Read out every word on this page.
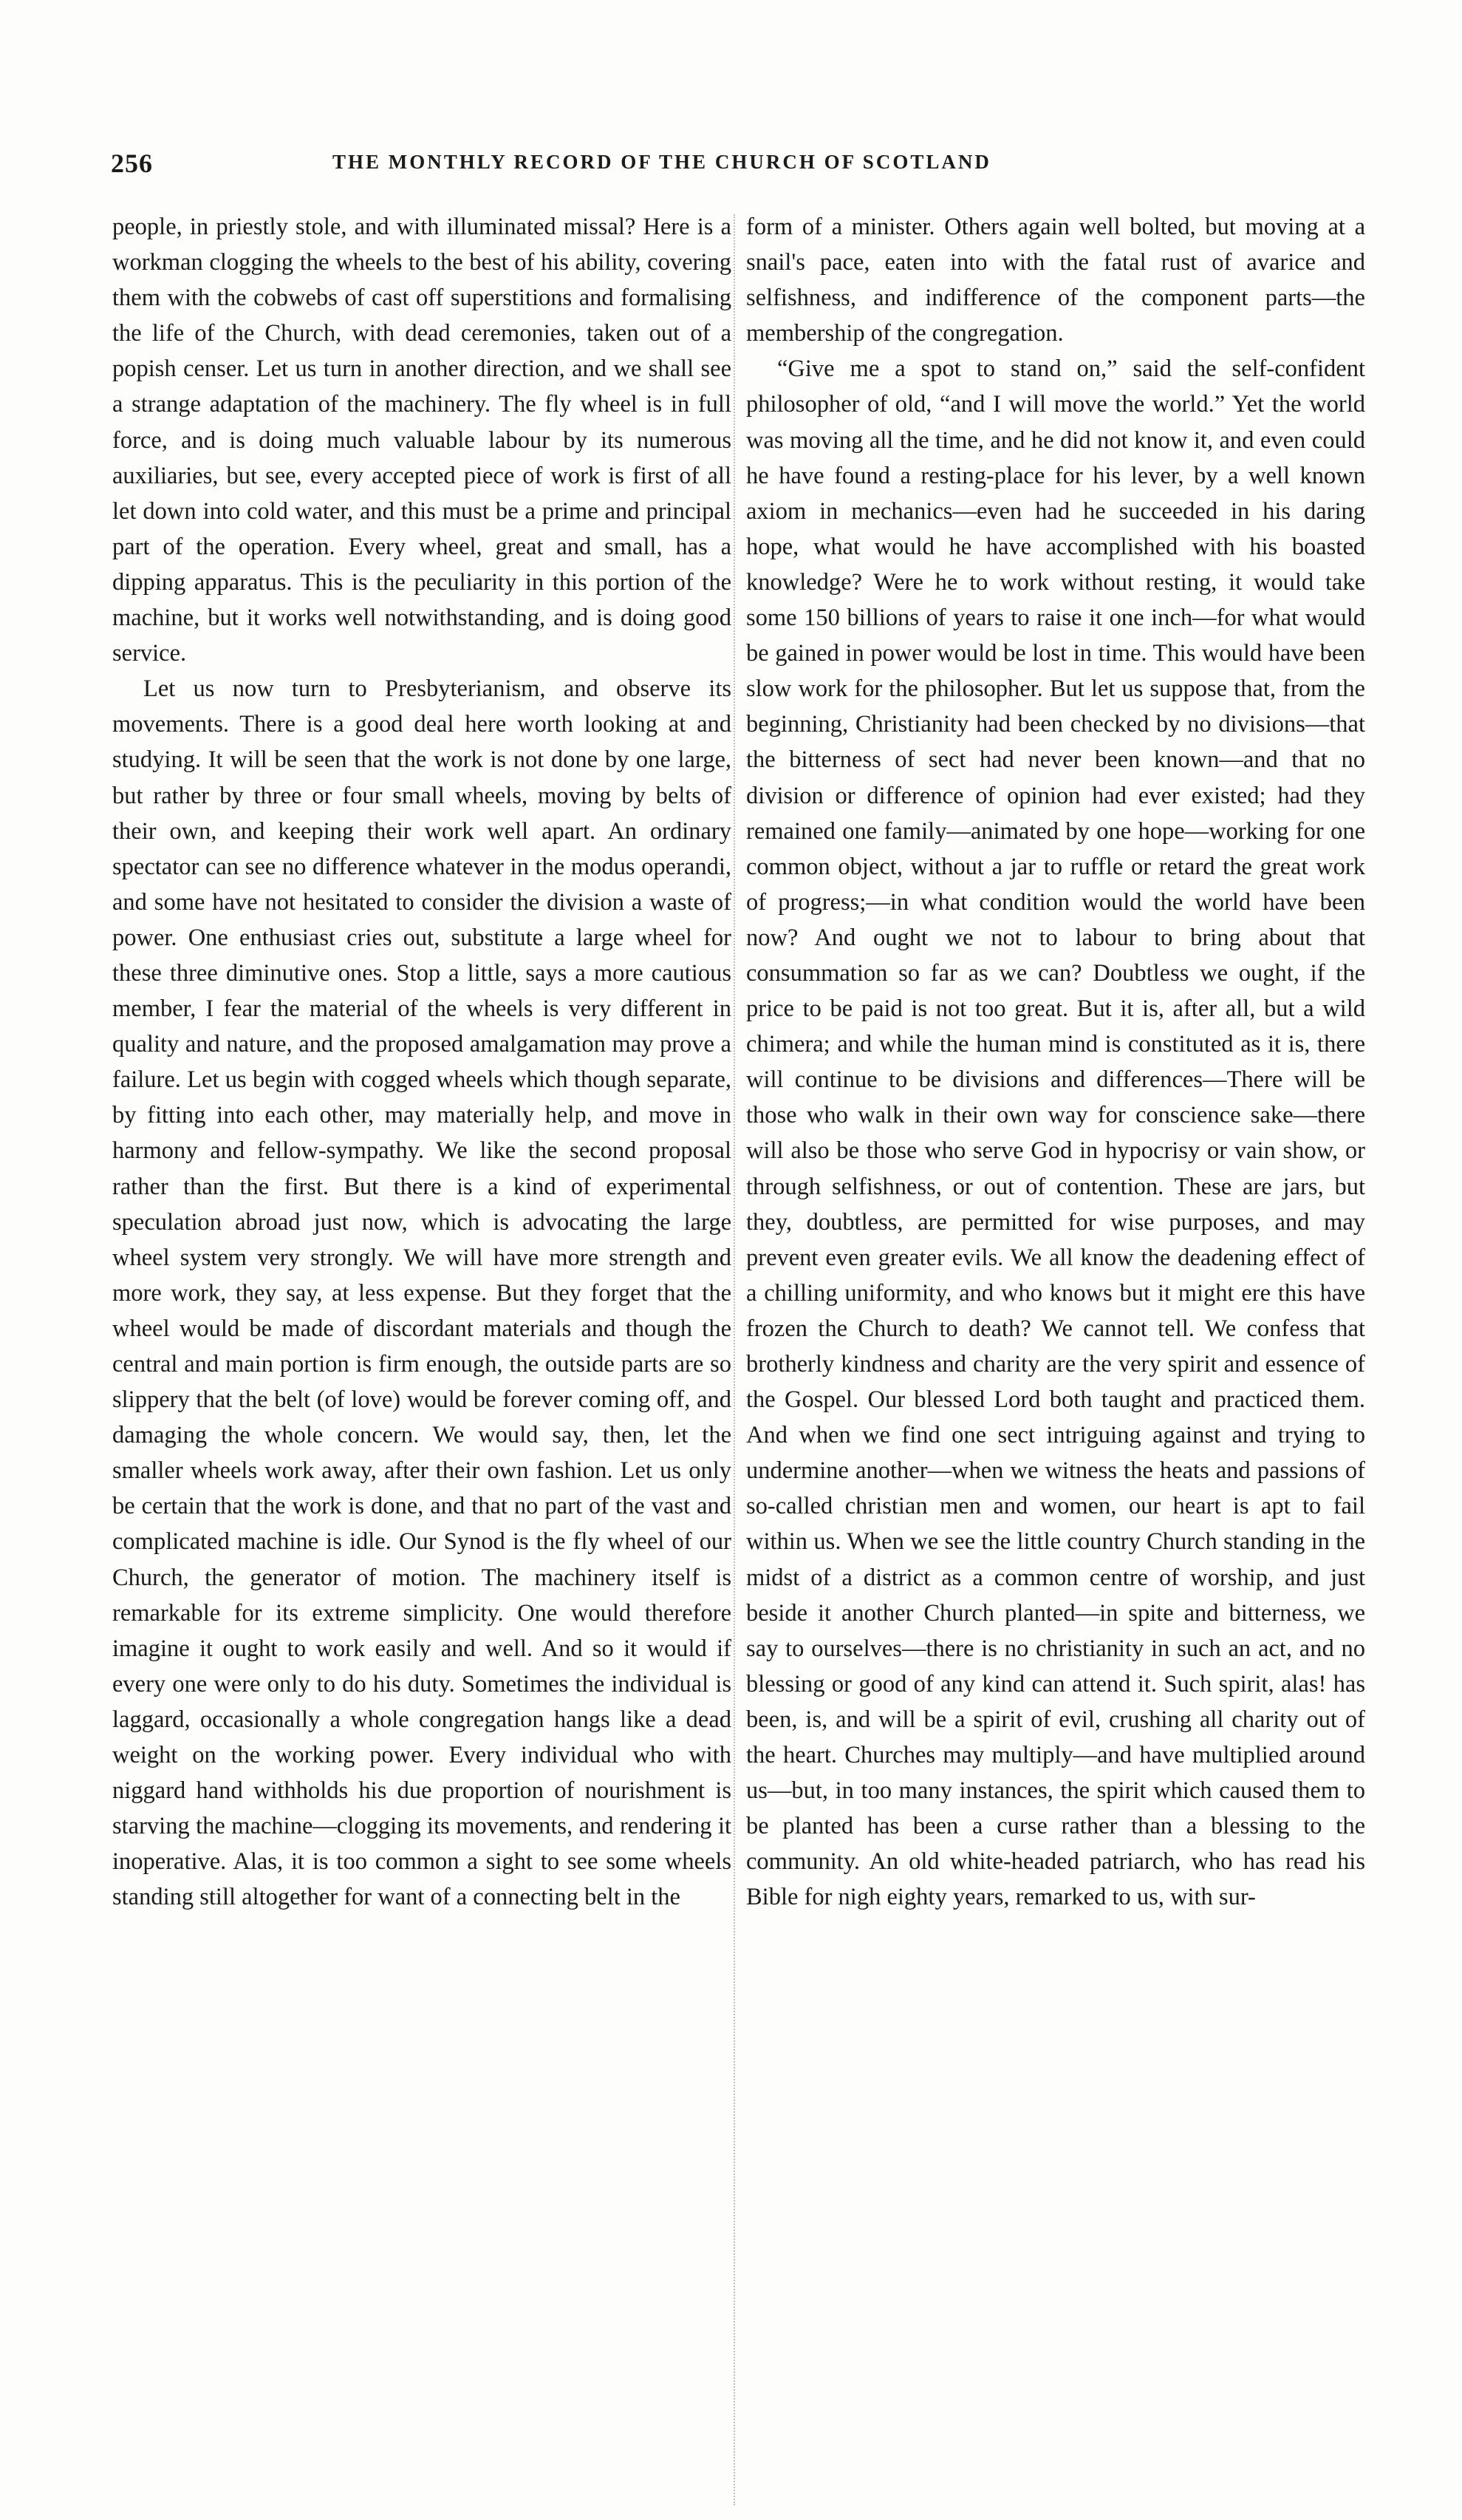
256	THE MONTHLY RECORD OF THE CHURCH OF SCOTLAND

people, in priestly stole, and with illuminated missal? Here is a workman clogging the wheels to the best of his ability, covering them with the cobwebs of cast off superstitions and formalising the life of the Church, with dead ceremonies, taken out of a popish censer. Let us turn in another direction, and we shall see a strange adaptation of the machinery. The fly wheel is in full force, and is doing much valuable labour by its numerous auxiliaries, but see, every accepted piece of work is first of all let down into cold water, and this must be a prime and principal part of the operation. Every wheel, great and small, has a dipping apparatus. This is the peculiarity in this portion of the machine, but it works well notwithstanding, and is doing good service.

Let us now turn to Presbyterianism, and observe its movements. There is a good deal here worth looking at and studying. It will be seen that the work is not done by one large, but rather by three or four small wheels, moving by belts of their own, and keeping their work well apart. An ordinary spectator can see no difference whatever in the modus operandi, and some have not hesitated to consider the division a waste of power. One enthusiast cries out, substitute a large wheel for these three diminutive ones. Stop a little, says a more cautious member, I fear the material of the wheels is very different in quality and nature, and the proposed amalgamation may prove a failure. Let us begin with cogged wheels which though separate, by fitting into each other, may materially help, and move in harmony and fellow-sympathy. We like the second proposal rather than the first. But there is a kind of experimental speculation abroad just now, which is advocating the large wheel system very strongly. We will have more strength and more work, they say, at less expense. But they forget that the wheel would be made of discordant materials and though the central and main portion is firm enough, the outside parts are so slippery that the belt (of love) would be forever coming off, and damaging the whole concern. We would say, then, let the smaller wheels work away, after their own fashion. Let us only be certain that the work is done, and that no part of the vast and complicated machine is idle. Our Synod is the fly wheel of our Church, the generator of motion. The machinery itself is remarkable for its extreme simplicity. One would therefore imagine it ought to work easily and well. And so it would if every one were only to do his duty. Sometimes the individual is laggard, occasionally a whole congregation hangs like a dead weight on the working power. Every individual who with niggard hand withholds his due proportion of nourishment is starving the machine—clogging its movements, and rendering it inoperative. Alas, it is too common a sight to see some wheels standing still altogether for want of a connecting belt in the

form of a minister. Others again well bolted, but moving at a snail's pace, eaten into with the fatal rust of avarice and selfishness, and indifference of the component parts—the membership of the congregation.

“Give me a spot to stand on,” said the self-confident philosopher of old, “and I will move the world.” Yet the world was moving all the time, and he did not know it, and even could he have found a resting-place for his lever, by a well known axiom in mechanics—even had he succeeded in his daring hope, what would he have accomplished with his boasted knowledge? Were he to work without resting, it would take some 150 billions of years to raise it one inch—for what would be gained in power would be lost in time. This would have been slow work for the philosopher. But let us suppose that, from the beginning, Christianity had been checked by no divisions—that the bitterness of sect had never been known—and that no division or difference of opinion had ever existed; had they remained one family—animated by one hope—working for one common object, without a jar to ruffle or retard the great work of progress;—in what condition would the world have been now? And ought we not to labour to bring about that consummation so far as we can? Doubtless we ought, if the price to be paid is not too great. But it is, after all, but a wild chimera; and while the human mind is constituted as it is, there will continue to be divisions and differences—There will be those who walk in their own way for conscience sake—there will also be those who serve God in hypocrisy or vain show, or through selfishness, or out of contention. These are jars, but they, doubtless, are permitted for wise purposes, and may prevent even greater evils. We all know the deadening effect of a chilling uniformity, and who knows but it might ere this have frozen the Church to death? We cannot tell. We confess that brotherly kindness and charity are the very spirit and essence of the Gospel. Our blessed Lord both taught and practiced them. And when we find one sect intriguing against and trying to undermine another—when we witness the heats and passions of so-called christian men and women, our heart is apt to fail within us. When we see the little country Church standing in the midst of a district as a common centre of worship, and just beside it another Church planted—in spite and bitterness, we say to ourselves—there is no christianity in such an act, and no blessing or good of any kind can attend it. Such spirit, alas! has been, is, and will be a spirit of evil, crushing all charity out of the heart. Churches may multiply—and have multiplied around us—but, in too many instances, the spirit which caused them to be planted has been a curse rather than a blessing to the community. An old white-headed patriarch, who has read his Bible for nigh eighty years, remarked to us, with sur-
